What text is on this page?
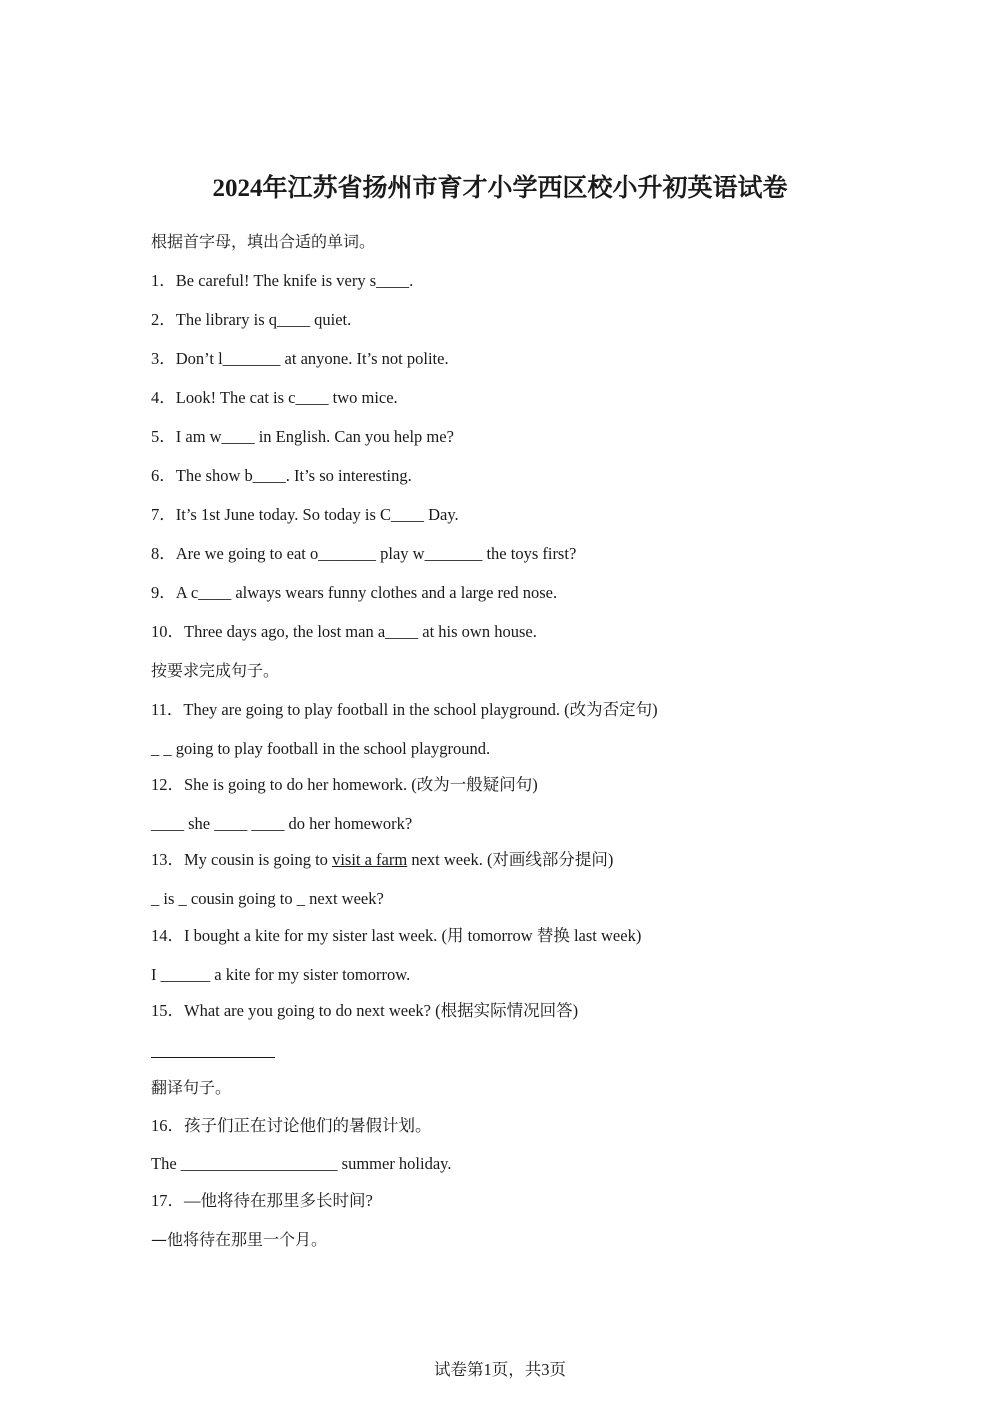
2024年江苏省扬州市育才小学西区校小升初英语试卷
根据首字母，填出合适的单词。
1．Be careful! The knife is very s____.
2．The library is q____ quiet.
3．Don’t l_______ at anyone. It’s not polite.
4．Look! The cat is c____ two mice.
5．I am w____ in English. Can you help me?
6．The show b____. It’s so interesting.
7．It’s 1st June today. So today is C____ Day.
8．Are we going to eat o_______ play w_______ the toys first?
9．A c____ always wears funny clothes and a large red nose.
10．Three days ago, the lost man a____ at his own house.
按要求完成句子。
11．They are going to play football in the school playground. (改为否定句)
_ _ going to play football in the school playground.
12．She is going to do her homework. (改为一般疑问句)
____ she ____ ____ do her homework?
13．My cousin is going to visit a farm next week. (对画线部分提问)
_ is _ cousin going to _ next week?
14．I bought a kite for my sister last week. (用 tomorrow 替换 last week)
I ______ a kite for my sister tomorrow.
15．What are you going to do next week? (根据实际情况回答)
翻译句子。
16．孩子们正在讨论他们的暑假计划。
The ___________________ summer holiday.
17．—他将待在那里多长时间?
—他将待在那里一个月。
试卷第1页，共3页
